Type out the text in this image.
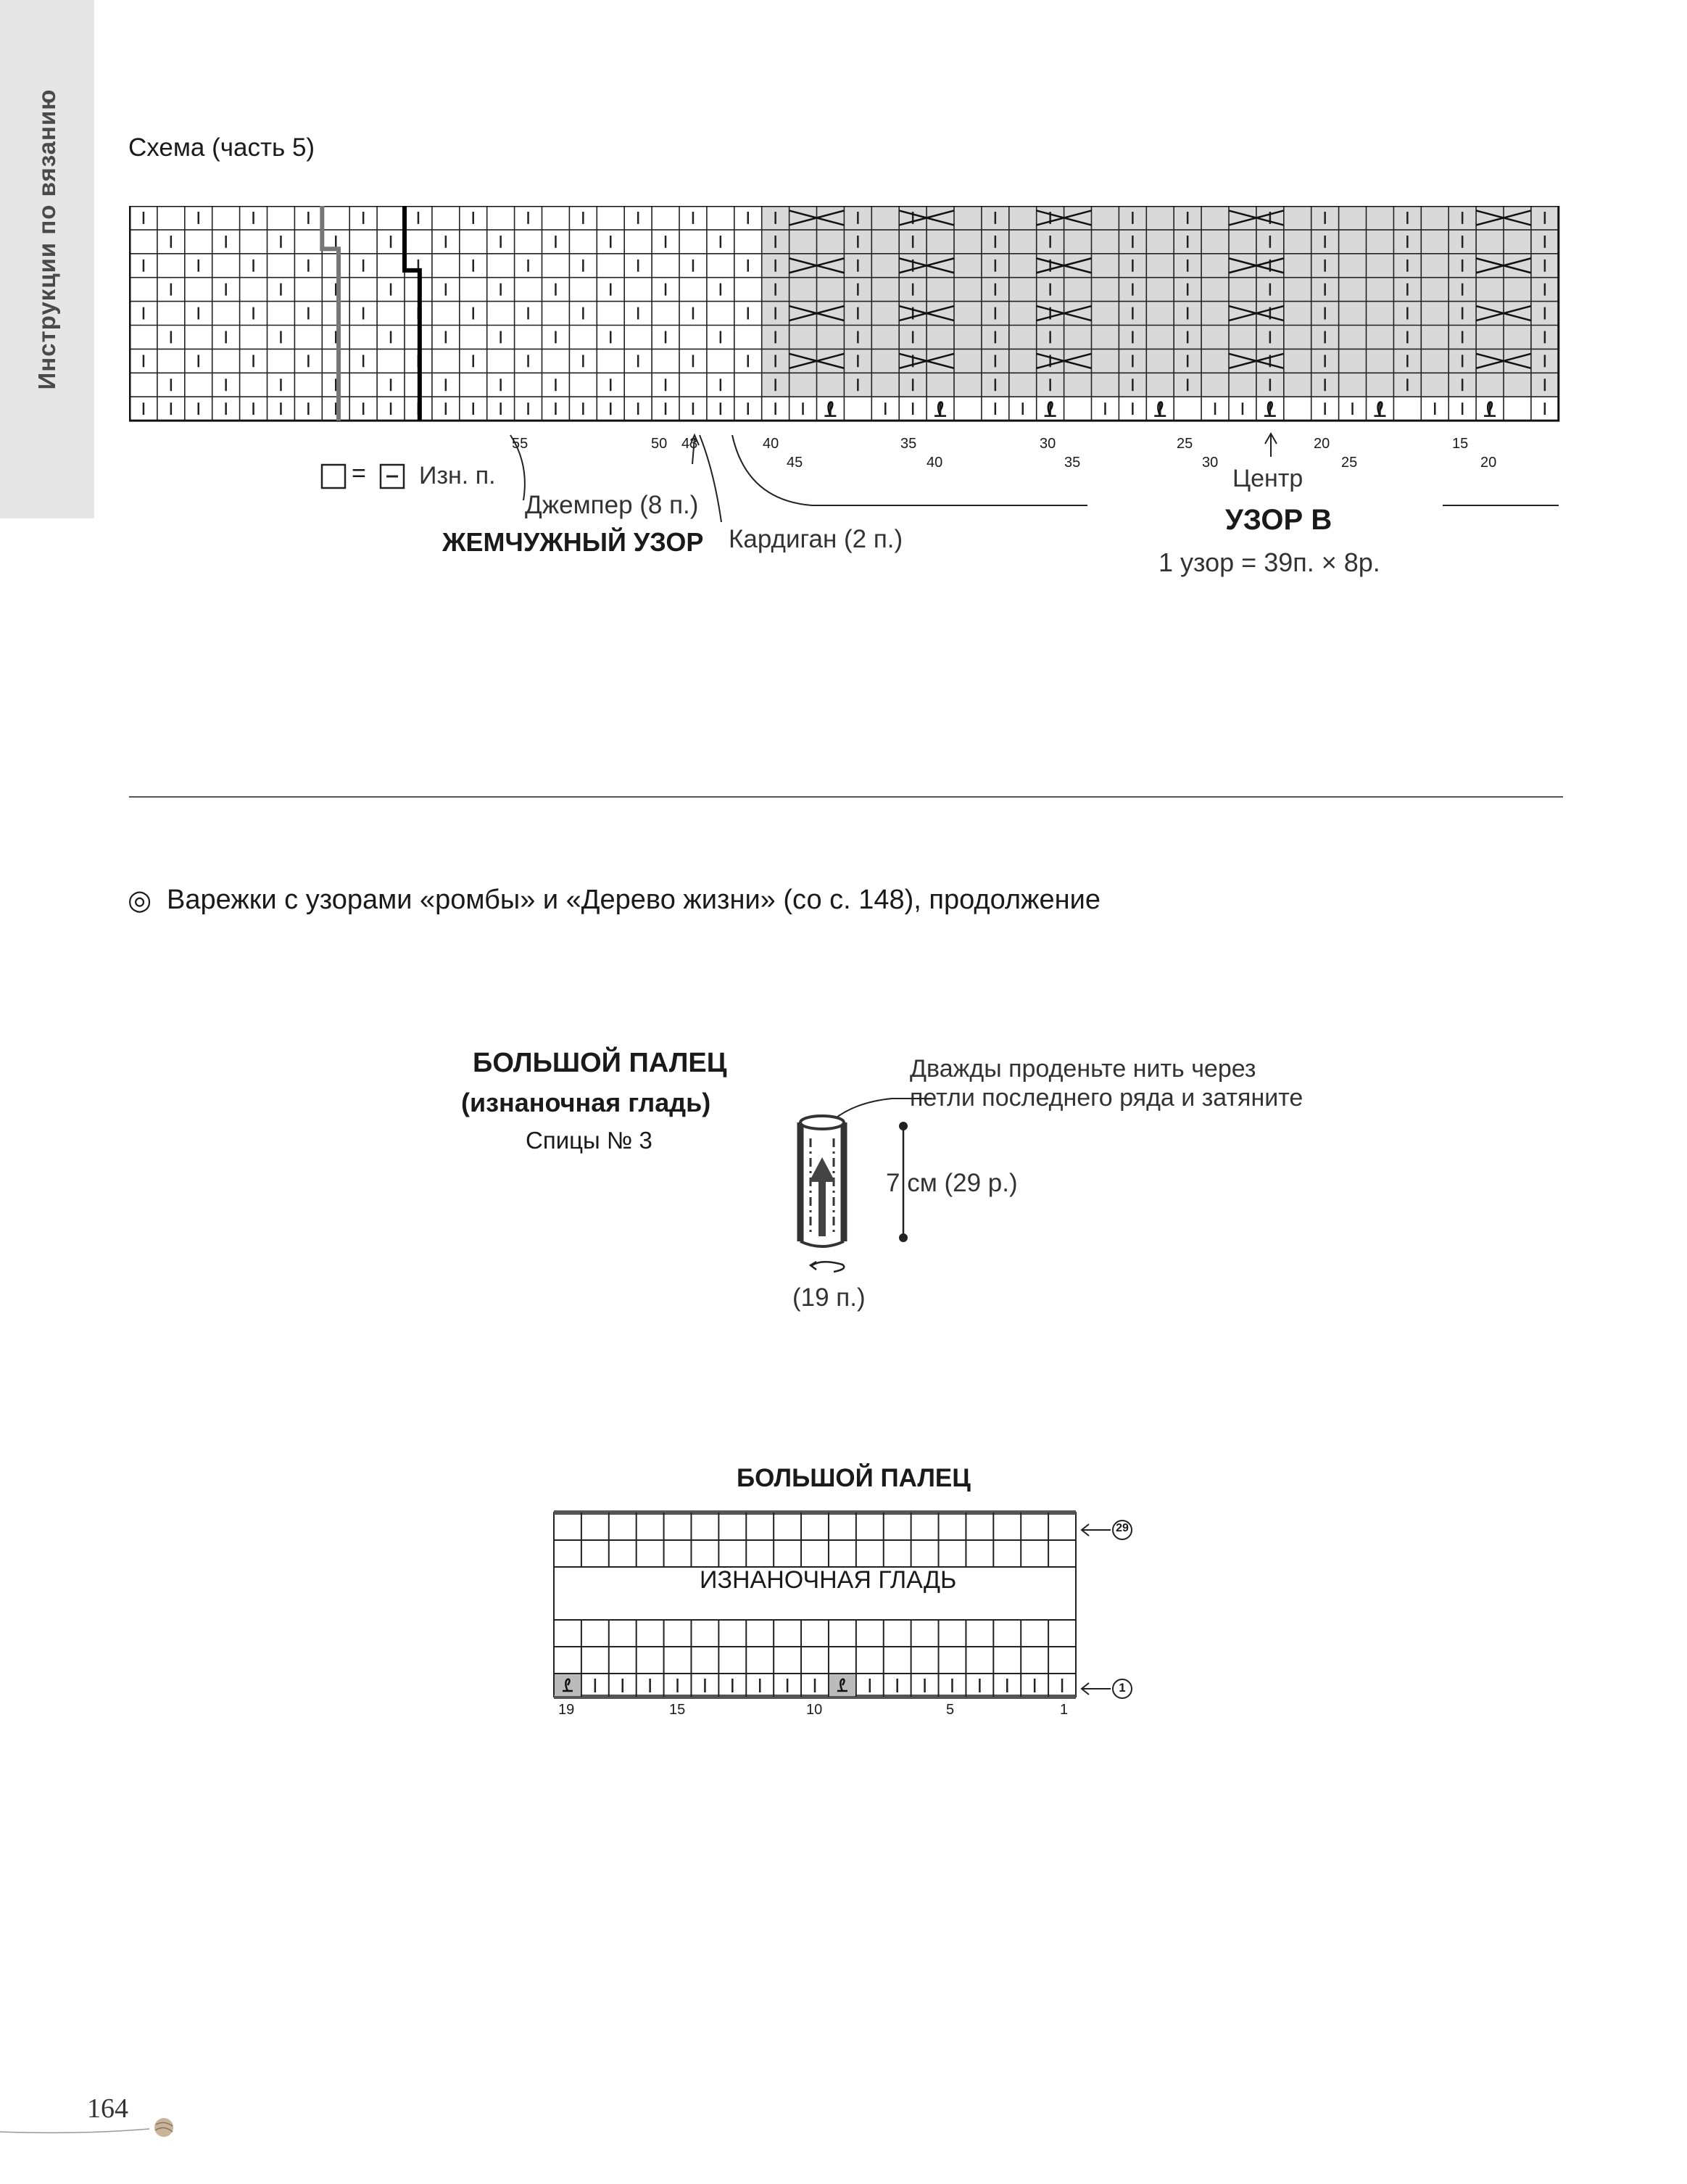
Инструкции по вязанию	Схема (часть 5)
55	50 43	40	35	30	25	20	15
45	40	35	30	25	20
= Изн. п.
Джемпер (8 п.)
ЖЕМЧУЖНЫЙ УЗОР Кардиган (2 п.)
Центр
УЗОР B
1 узор = 39п. × 8р.
◎ Варежки с узорами «ромбы» и «Дерево жизни» (со с. 148), продолжение
БОЛЬШОЙ ПАЛЕЦ
(изнаночная гладь)
Спицы № 3
Дважды проденьте нить через
петли последнего ряда и затяните
7 см (29 р.)
(19 п.)
БОЛЬШОЙ ПАЛЕЦ
ИЗНАНОЧНАЯ ГЛАДЬ
19	15	10	5	1
29
1
164
